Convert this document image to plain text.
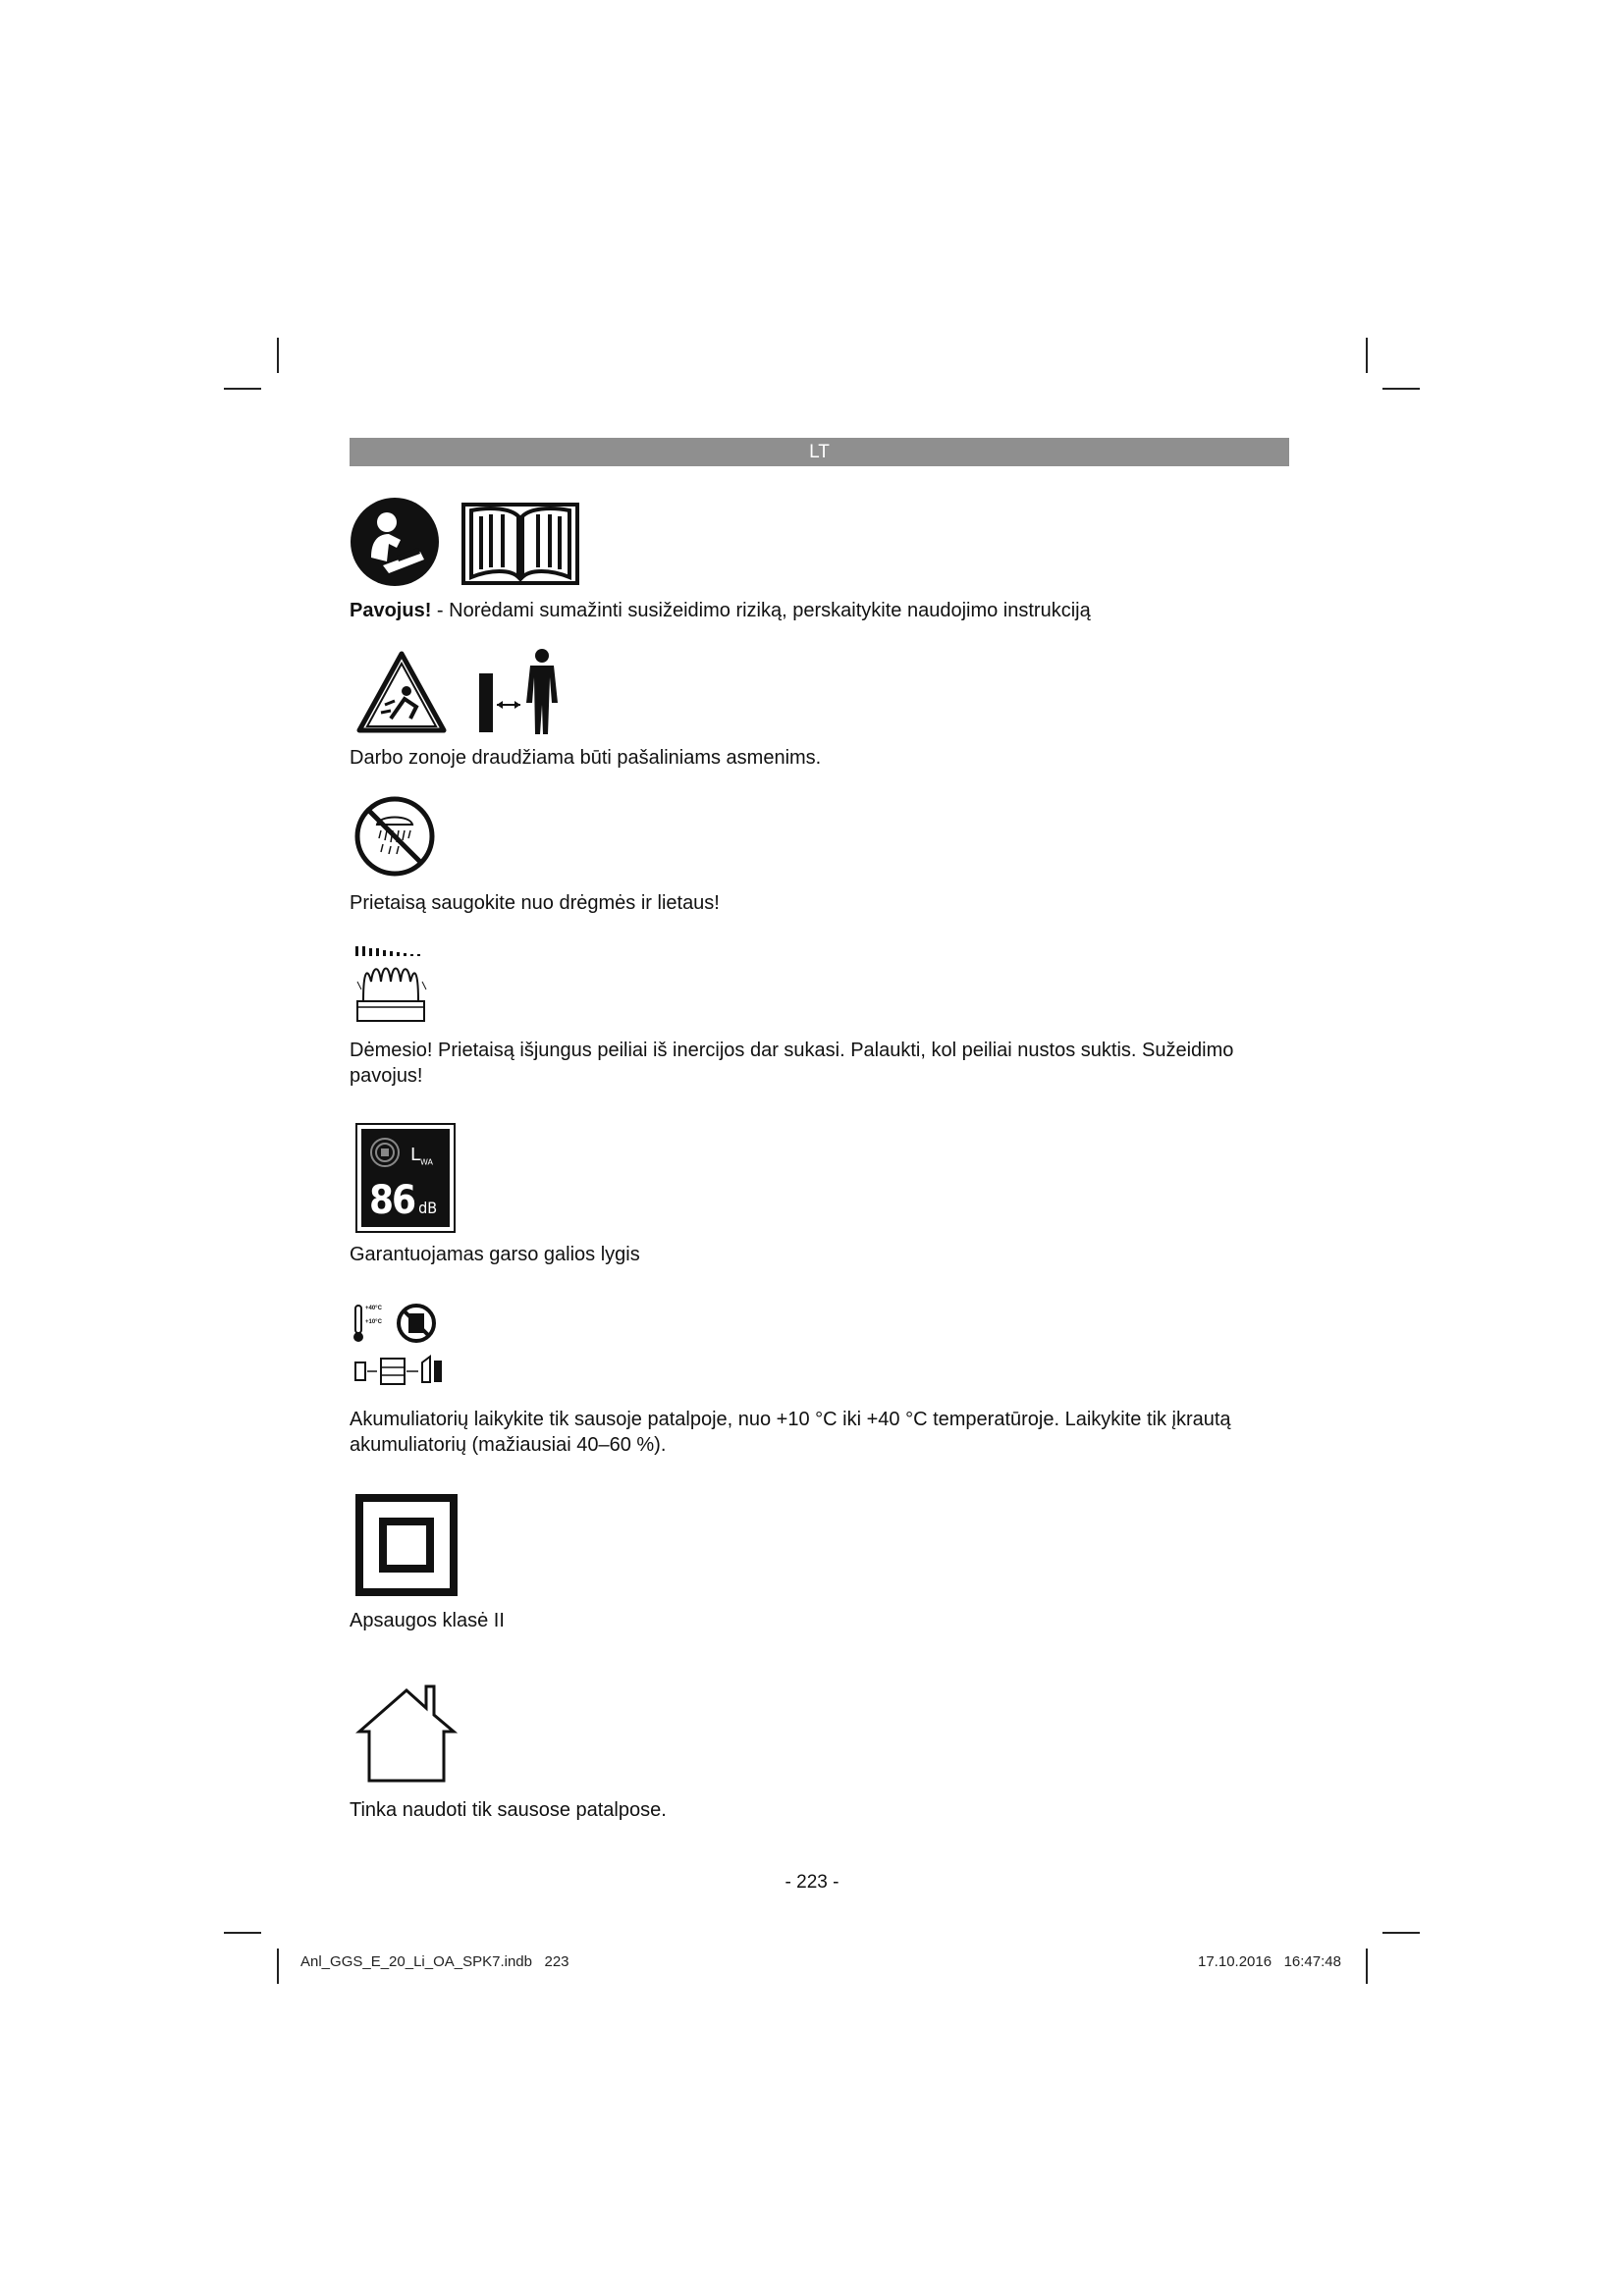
LT
Pavojus! - Norėdami sumažinti susižeidimo riziką, perskaitykite naudojimo instrukciją
Darbo zonoje draudžiama būti pašaliniams asmenims.
Prietaisą saugokite nuo drėgmės ir lietaus!
Dėmesio! Prietaisą išjungus peiliai iš inercijos dar sukasi. Palaukti, kol peiliai nustos suktis. Sužeidimo pavojus!
$L_{WA}$
86 dB
Garantuojamas garso galios lygis
+40°C
+10°C
Akumuliatorių laikykite tik sausoje patalpoje, nuo +10 °C iki +40 °C temperatūroje. Laikykite tik įkrautą akumuliatorių (mažiausiai 40–60 %).
Apsaugos klasė II
Tinka naudoti tik sausose patalpose.
- 223 -
Anl_GGS_E_20_Li_OA_SPK7.indb   223	17.10.2016   16:47:48
